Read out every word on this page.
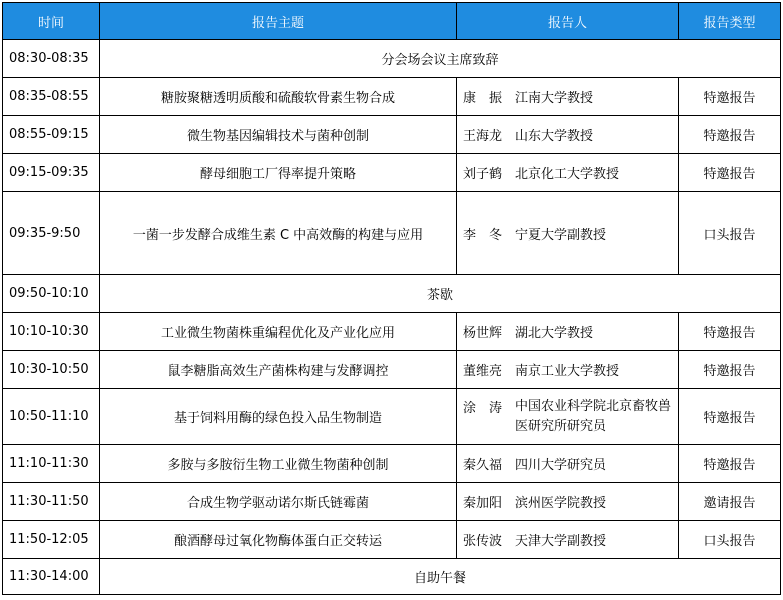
时间	报告主题	报告人	报告类型
08:30-08:35	分会场会议主席致辞		
08:35-08:55	糖胺聚糖透明质酸和硫酸软骨素生物合成	康　振 江南大学教授	特邀报告
08:55-09:15	微生物基因编辑技术与菌种创制	王海龙 山东大学教授	特邀报告
09:15-09:35	酵母细胞工厂得率提升策略	刘子鹤 北京化工大学教授	特邀报告
09:35-9:50	一菌一步发酵合成维生素 C 中高效酶的构建与应用	李　冬 宁夏大学副教授	口头报告
09:50-10:10	茶歇		
10:10-10:30	工业微生物菌株重编程优化及产业化应用	杨世辉 湖北大学教授	特邀报告
10:30-10:50	鼠李糖脂高效生产菌株构建与发酵调控	董维亮 南京工业大学教授	特邀报告
10:50-11:10	基于饲料用酶的绿色投入品生物制造	涂　涛 中国农业科学院北京畜牧兽医研究所研究员	特邀报告
11:10-11:30	多胺与多胺衍生物工业微生物菌种创制	秦久福 四川大学研究员	特邀报告
11:30-11:50	合成生物学驱动诺尔斯氏链霉菌	秦加阳 滨州医学院教授	邀请报告
11:50-12:05	酿酒酵母过氧化物酶体蛋白正交转运	张传波 天津大学副教授	口头报告
11:30-14:00	自助午餐		
